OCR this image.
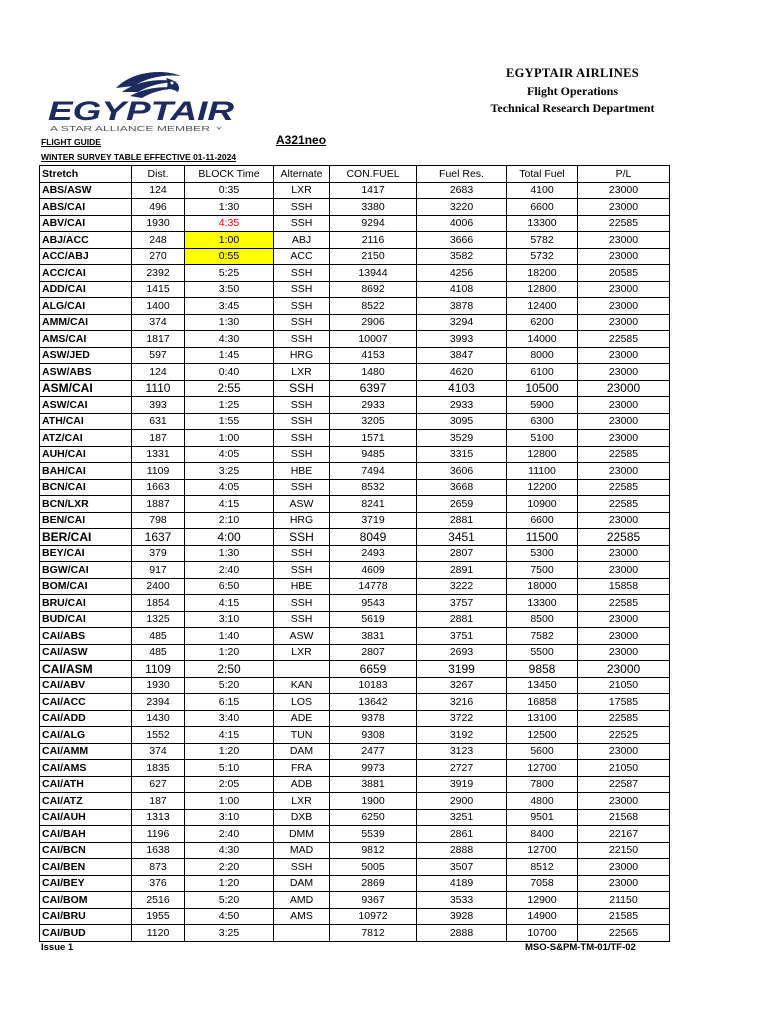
EGYPTAIR
A STAR ALLIANCE MEMBER
EGYPTAIR AIRLINES
Flight Operations
Technical Research Department
FLIGHT GUIDE	A321neo
WINTER SURVEY TABLE EFFECTIVE 01-11-2024
Stretch	Dist.	BLOCK Time	Alternate	CON.FUEL	Fuel Res.	Total Fuel	P/L
ABS/ASW	124	0:35	LXR	1417	2683	4100	23000
ABS/CAI	496	1:30	SSH	3380	3220	6600	23000
ABV/CAI	1930	4:35	SSH	9294	4006	13300	22585
ABJ/ACC	248	1:00	ABJ	2116	3666	5782	23000
ACC/ABJ	270	0:55	ACC	2150	3582	5732	23000
ACC/CAI	2392	5:25	SSH	13944	4256	18200	20585
ADD/CAI	1415	3:50	SSH	8692	4108	12800	23000
ALG/CAI	1400	3:45	SSH	8522	3878	12400	23000
AMM/CAI	374	1:30	SSH	2906	3294	6200	23000
AMS/CAI	1817	4:30	SSH	10007	3993	14000	22585
ASW/JED	597	1:45	HRG	4153	3847	8000	23000
ASW/ABS	124	0:40	LXR	1480	4620	6100	23000
ASM/CAI	1110	2:55	SSH	6397	4103	10500	23000
ASW/CAI	393	1:25	SSH	2933	2933	5900	23000
ATH/CAI	631	1:55	SSH	3205	3095	6300	23000
ATZ/CAI	187	1:00	SSH	1571	3529	5100	23000
AUH/CAI	1331	4:05	SSH	9485	3315	12800	22585
BAH/CAI	1109	3:25	HBE	7494	3606	11100	23000
BCN/CAI	1663	4:05	SSH	8532	3668	12200	22585
BCN/LXR	1887	4:15	ASW	8241	2659	10900	22585
BEN/CAI	798	2:10	HRG	3719	2881	6600	23000
BER/CAI	1637	4:00	SSH	8049	3451	11500	22585
BEY/CAI	379	1:30	SSH	2493	2807	5300	23000
BGW/CAI	917	2:40	SSH	4609	2891	7500	23000
BOM/CAI	2400	6:50	HBE	14778	3222	18000	15858
BRU/CAI	1854	4:15	SSH	9543	3757	13300	22585
BUD/CAI	1325	3:10	SSH	5619	2881	8500	23000
CAI/ABS	485	1:40	ASW	3831	3751	7582	23000
CAI/ASW	485	1:20	LXR	2807	2693	5500	23000
CAI/ASM	1109	2:50		6659	3199	9858	23000
CAI/ABV	1930	5:20	KAN	10183	3267	13450	21050
CAI/ACC	2394	6:15	LOS	13642	3216	16858	17585
CAI/ADD	1430	3:40	ADE	9378	3722	13100	22585
CAI/ALG	1552	4:15	TUN	9308	3192	12500	22525
CAI/AMM	374	1:20	DAM	2477	3123	5600	23000
CAI/AMS	1835	5:10	FRA	9973	2727	12700	21050
CAI/ATH	627	2:05	ADB	3881	3919	7800	22587
CAI/ATZ	187	1:00	LXR	1900	2900	4800	23000
CAI/AUH	1313	3:10	DXB	6250	3251	9501	21568
CAI/BAH	1196	2:40	DMM	5539	2861	8400	22167
CAI/BCN	1638	4:30	MAD	9812	2888	12700	22150
CAI/BEN	873	2:20	SSH	5005	3507	8512	23000
CAI/BEY	376	1:20	DAM	2869	4189	7058	23000
CAI/BOM	2516	5:20	AMD	9367	3533	12900	21150
CAI/BRU	1955	4:50	AMS	10972	3928	14900	21585
CAI/BUD	1120	3:25		7812	2888	10700	22565
Issue 1	MSO-S&PM-TM-01/TF-02
